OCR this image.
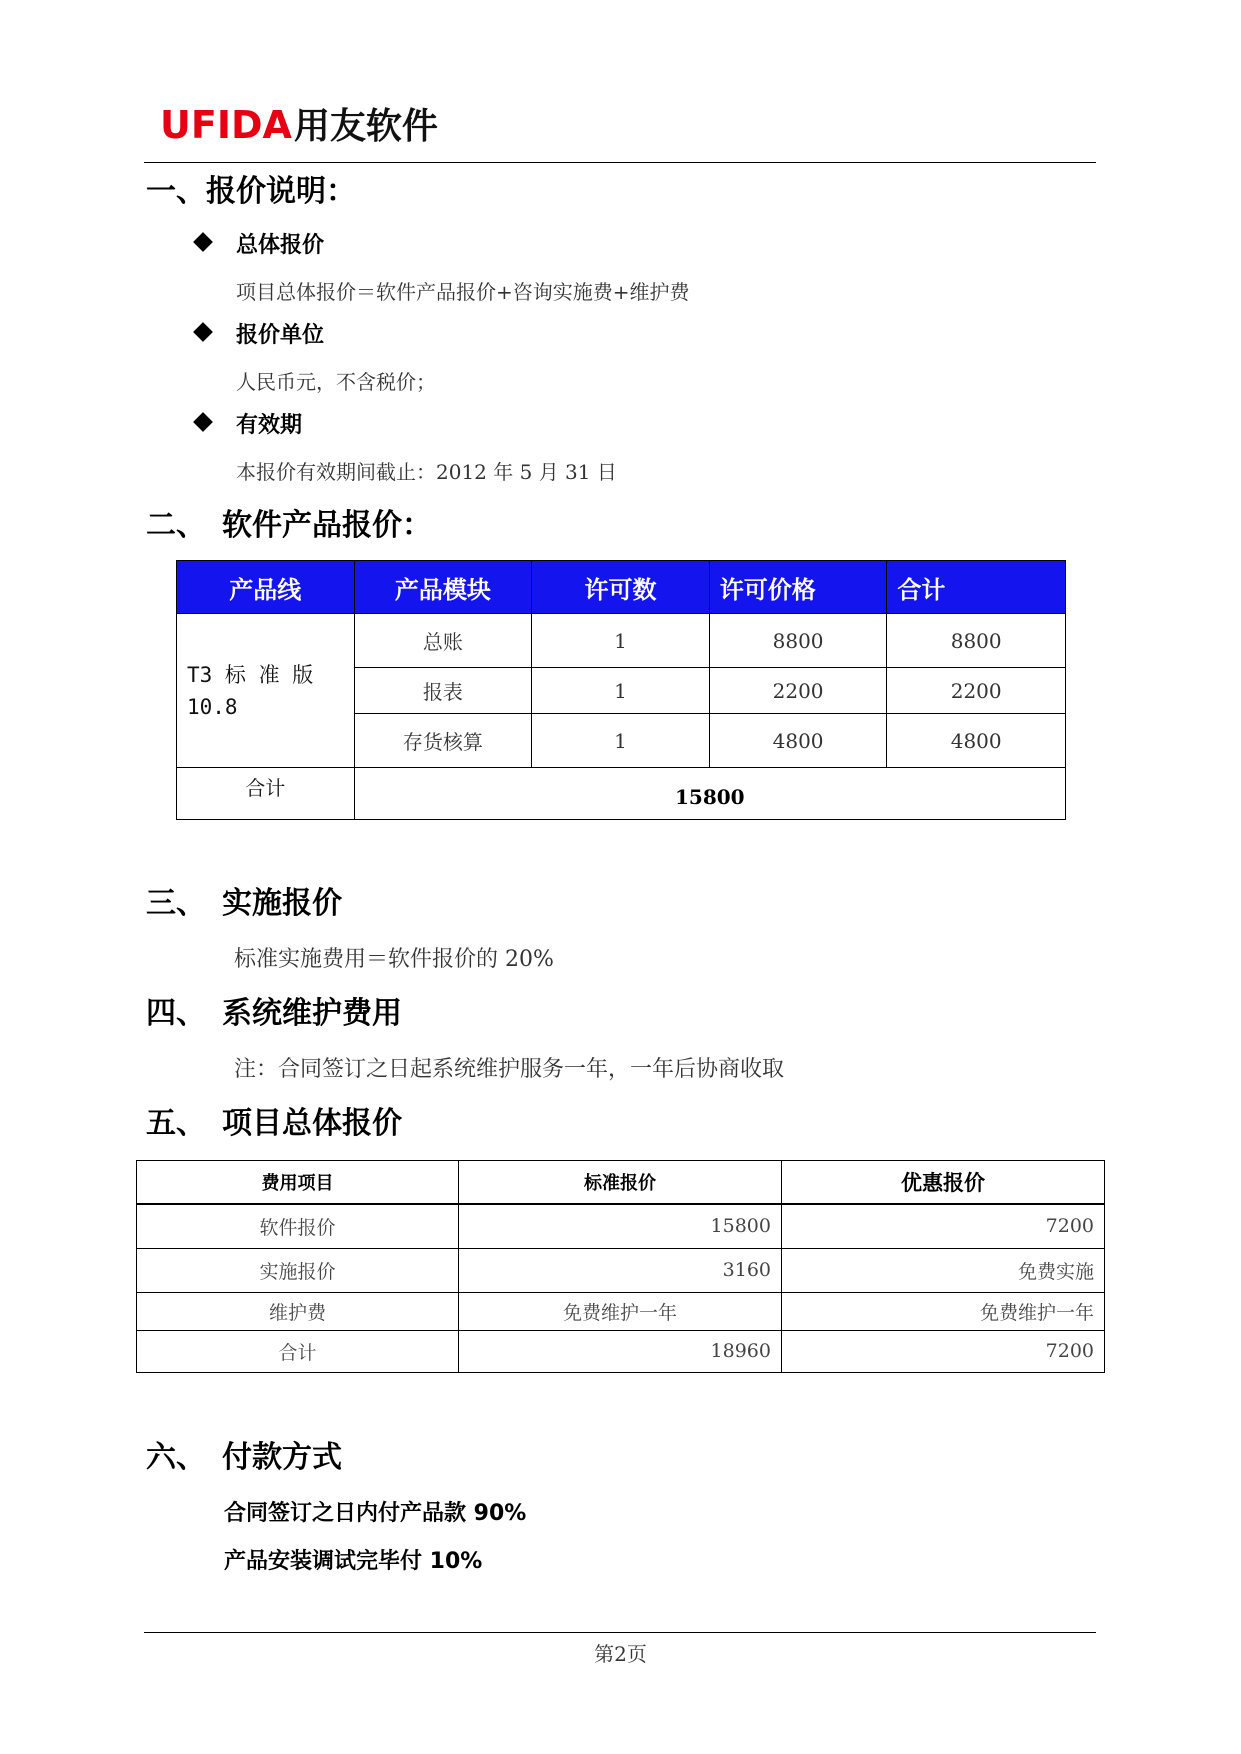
UFIDA用友软件
一、报价说明：
总体报价
项目总体报价＝软件产品报价+咨询实施费+维护费
报价单位
人民币元，不含税价；
有效期
本报价有效期间截止：2012 年 5 月 31 日
二、 软件产品报价：
产品线	产品模块	许可数	许可价格	合计
T3 标 准 版 10.8	总账	1	8800	8800
	报表	1	2200	2200
	存货核算	1	4800	4800
合计	15800			
三、 实施报价
标准实施费用＝软件报价的 20%
四、 系统维护费用
注：合同签订之日起系统维护服务一年，一年后协商收取
五、 项目总体报价
费用项目	标准报价	优惠报价
软件报价	15800	7200
实施报价	3160	免费实施
维护费	免费维护一年	免费维护一年
合计	18960	7200
六、 付款方式
合同签订之日内付产品款 90%
产品安装调试完毕付 10%
第2页
